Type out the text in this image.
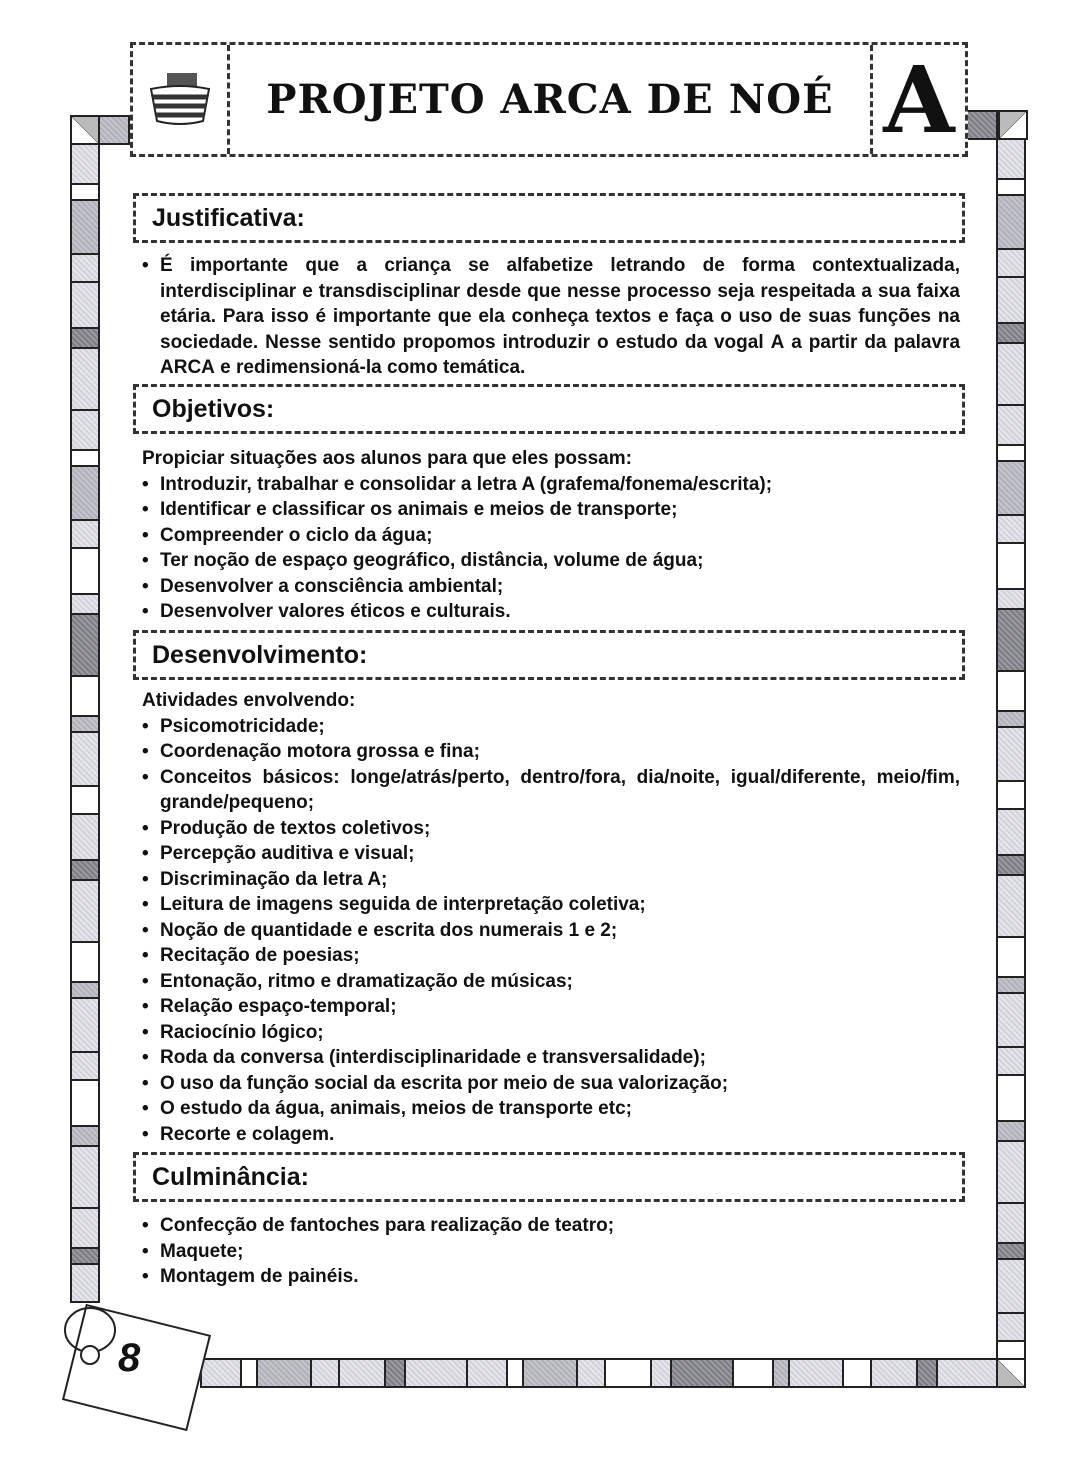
PROJETO ARCA DE NOÉ A
Justificativa:
• É importante que a criança se alfabetize letrando de forma contextualizada, interdisciplinar e transdisciplinar desde que nesse processo seja respeitada a sua faixa etária. Para isso é importante que ela conheça textos e faça o uso de suas funções na sociedade. Nesse sentido propomos introduzir o estudo da vogal A a partir da palavra ARCA e redimensioná-la como temática.

Objetivos:

Propiciar situações aos alunos para que eles possam:

• Introduzir, trabalhar e consolidar a letra A (grafema/fonema/escrita);
• Identificar e classificar os animais e meios de transporte;
• Compreender o ciclo da água;
• Ter noção de espaço geográfico, distância, volume de água;
• Desenvolver a consciência ambiental;
• Desenvolver valores éticos e culturais.
Desenvolvimento:

Atividades envolvendo:

• Psicomotricidade;
• Coordenação motora grossa e fina;
• Conceitos básicos: longe/atrás/perto, dentro/fora, dia/noite, igual/diferente, meio/fim, grande/pequeno;
• Produção de textos coletivos;
• Percepção auditiva e visual;
• Discriminação da letra A;
• Leitura de imagens seguida de interpretação coletiva;
• Noção de quantidade e escrita dos numerais 1 e 2;
• Recitação de poesias;
• Entonação, ritmo e dramatização de músicas;
• Relação espaço-temporal;
• Raciocínio lógico;
• Roda da conversa (interdisciplinaridade e transversalidade);
• O uso da função social da escrita por meio de sua valorização;
• O estudo da água, animais, meios de transporte etc;
• Recorte e colagem.
Culminância:
• Confecção de fantoches para realização de teatro;
• Maquete;
• Montagem de painéis.
8
